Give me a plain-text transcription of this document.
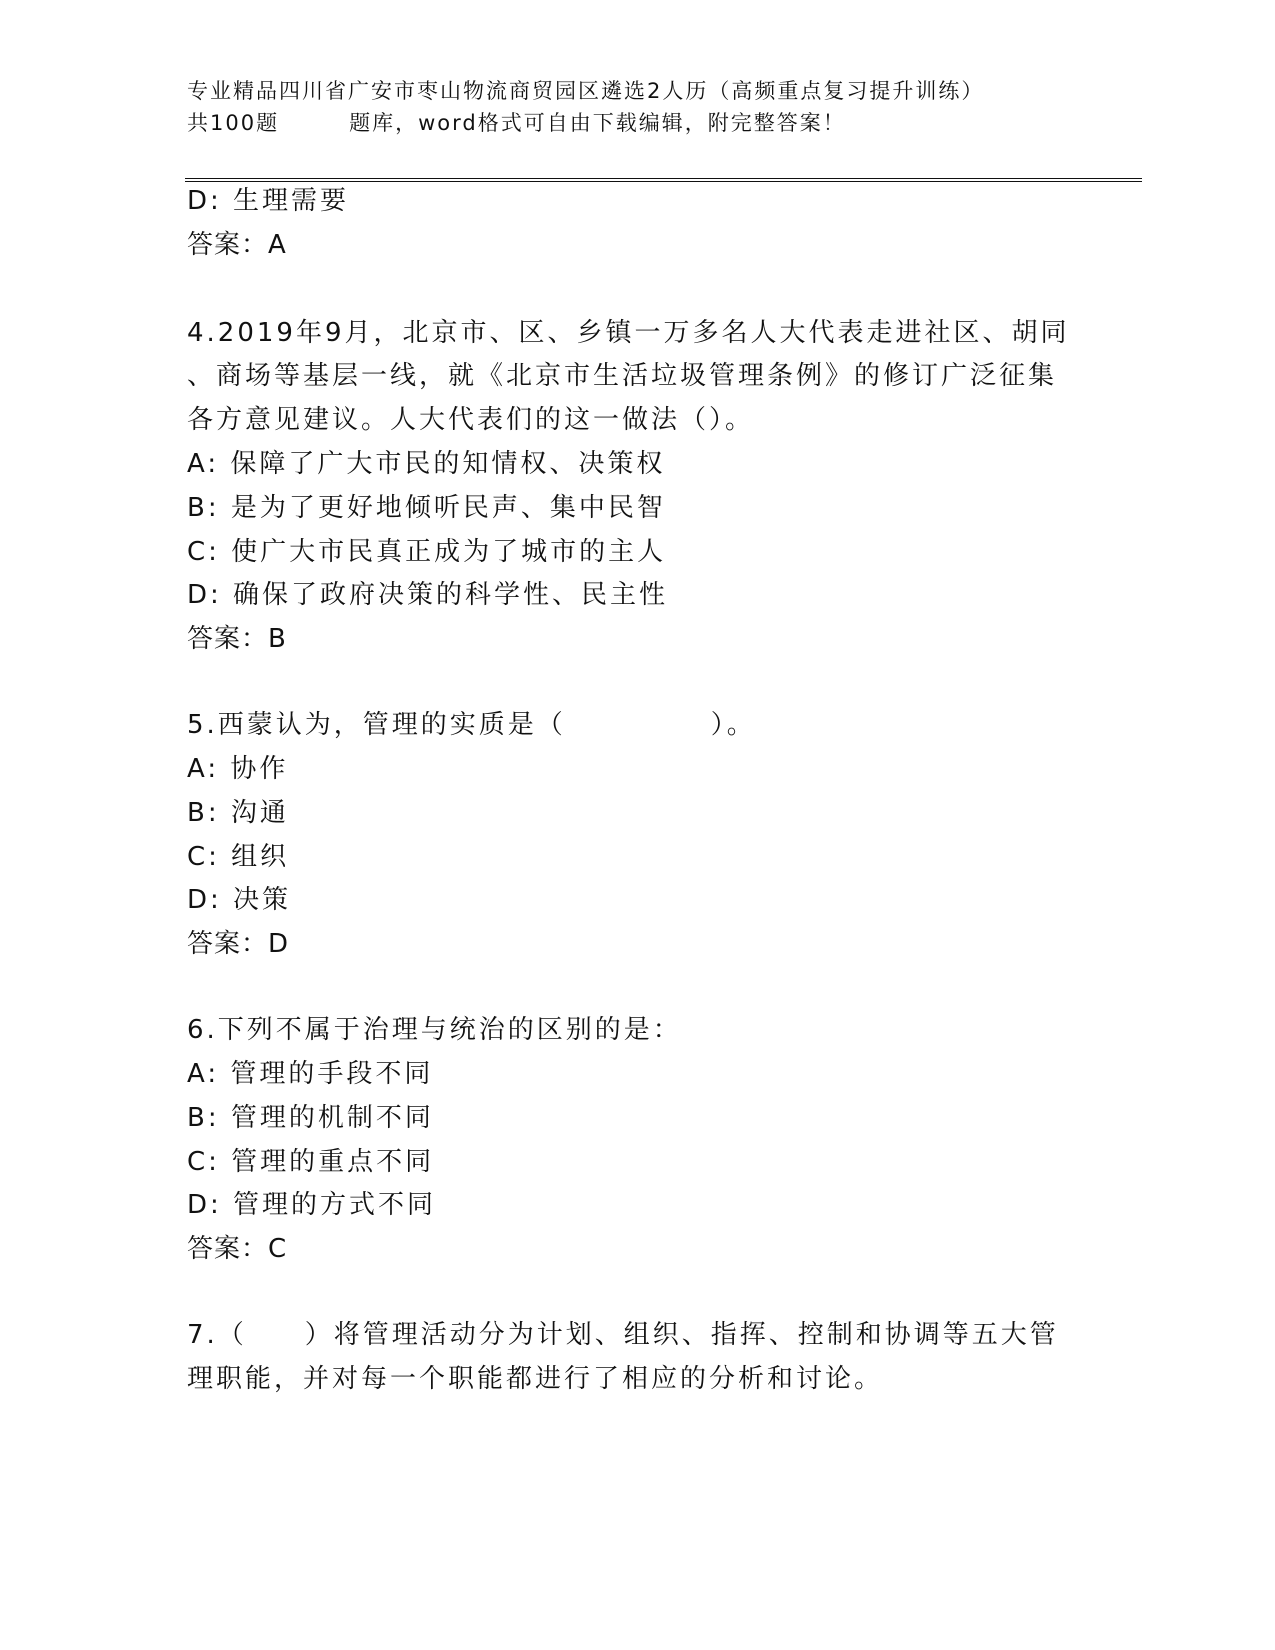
专业精品四川省广安市枣山物流商贸园区遴选2人历（高频重点复习提升训练）
共100题	题库，word格式可自由下载编辑，附完整答案！
D: 生理需要
答案：A
4.2019年9月，北京市、区、乡镇一万多名人大代表走进社区、胡同
、商场等基层一线，就《北京市生活垃圾管理条例》的修订广泛征集
各方意见建议。人大代表们的这一做法（）。
A: 保障了广大市民的知情权、决策权
B: 是为了更好地倾听民声、集中民智
C: 使广大市民真正成为了城市的主人
D: 确保了政府决策的科学性、民主性
答案：B
5.西蒙认为，管理的实质是（　　　　　）。
A: 协作
B: 沟通
C: 组织
D: 决策
答案：D
6.下列不属于治理与统治的区别的是：
A: 管理的手段不同
B: 管理的机制不同
C: 管理的重点不同
D: 管理的方式不同
答案：C
7.（　　）将管理活动分为计划、组织、指挥、控制和协调等五大管
理职能，并对每一个职能都进行了相应的分析和讨论。
